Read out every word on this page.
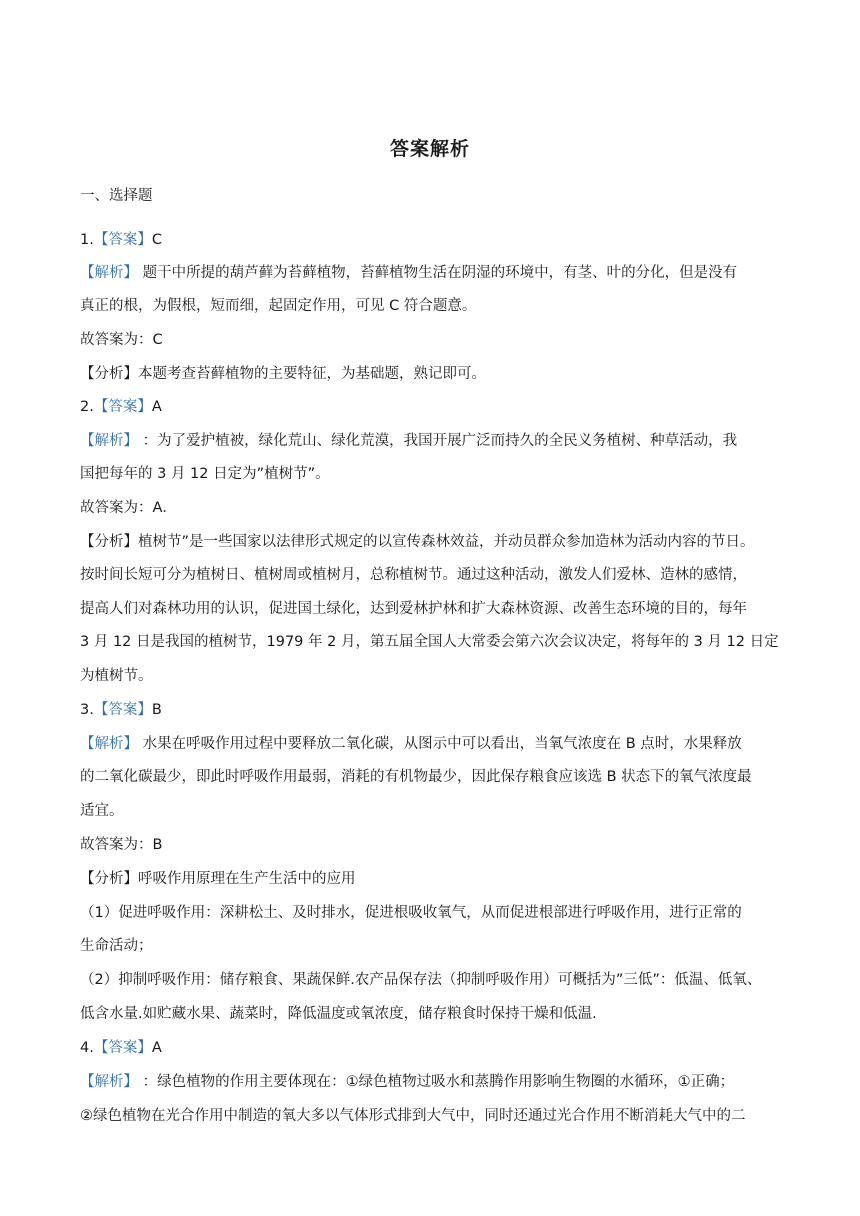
答案解析
一、选择题
1.【答案】C
【解析】 题干中所提的葫芦藓为苔藓植物，苔藓植物生活在阴湿的环境中，有茎、叶的分化，但是没有
真正的根，为假根，短而细，起固定作用，可见 C 符合题意。
故答案为：C
【分析】本题考查苔藓植物的主要特征，为基础题，熟记即可。
2.【答案】A
【解析】 ：为了爱护植被，绿化荒山、绿化荒漠，我国开展广泛而持久的全民义务植树、种草活动，我
国把每年的 3 月 12 日定为”植树节”。
故答案为：A．
【分析】植树节”是一些国家以法律形式规定的以宣传森林效益，并动员群众参加造林为活动内容的节日。
按时间长短可分为植树日、植树周或植树月，总称植树节。通过这种活动，激发人们爱林、造林的感情，
提高人们对森林功用的认识，促进国土绿化，达到爱林护林和扩大森林资源、改善生态环境的目的，每年
3 月 12 日是我国的植树节，1979 年 2 月，第五届全国人大常委会第六次会议决定，将每年的 3 月 12 日定
为植树节。
3.【答案】B
【解析】 水果在呼吸作用过程中要释放二氧化碳，从图示中可以看出，当氧气浓度在 B 点时，水果释放
的二氧化碳最少，即此时呼吸作用最弱，消耗的有机物最少，因此保存粮食应该选 B 状态下的氧气浓度最
适宜。
故答案为：B
【分析】呼吸作用原理在生产生活中的应用
（1）促进呼吸作用：深耕松土、及时排水，促进根吸收氧气，从而促进根部进行呼吸作用，进行正常的
生命活动；
（2）抑制呼吸作用：储存粮食、果蔬保鲜.农产品保存法（抑制呼吸作用）可概括为”三低”：低温、低氧、
低含水量.如贮藏水果、蔬菜时，降低温度或氧浓度，储存粮食时保持干燥和低温.
4.【答案】A
【解析】 ：绿色植物的作用主要体现在：①绿色植物过吸水和蒸腾作用影响生物圈的水循环，①正确；
②绿色植物在光合作用中制造的氧大多以气体形式排到大气中，同时还通过光合作用不断消耗大气中的二
